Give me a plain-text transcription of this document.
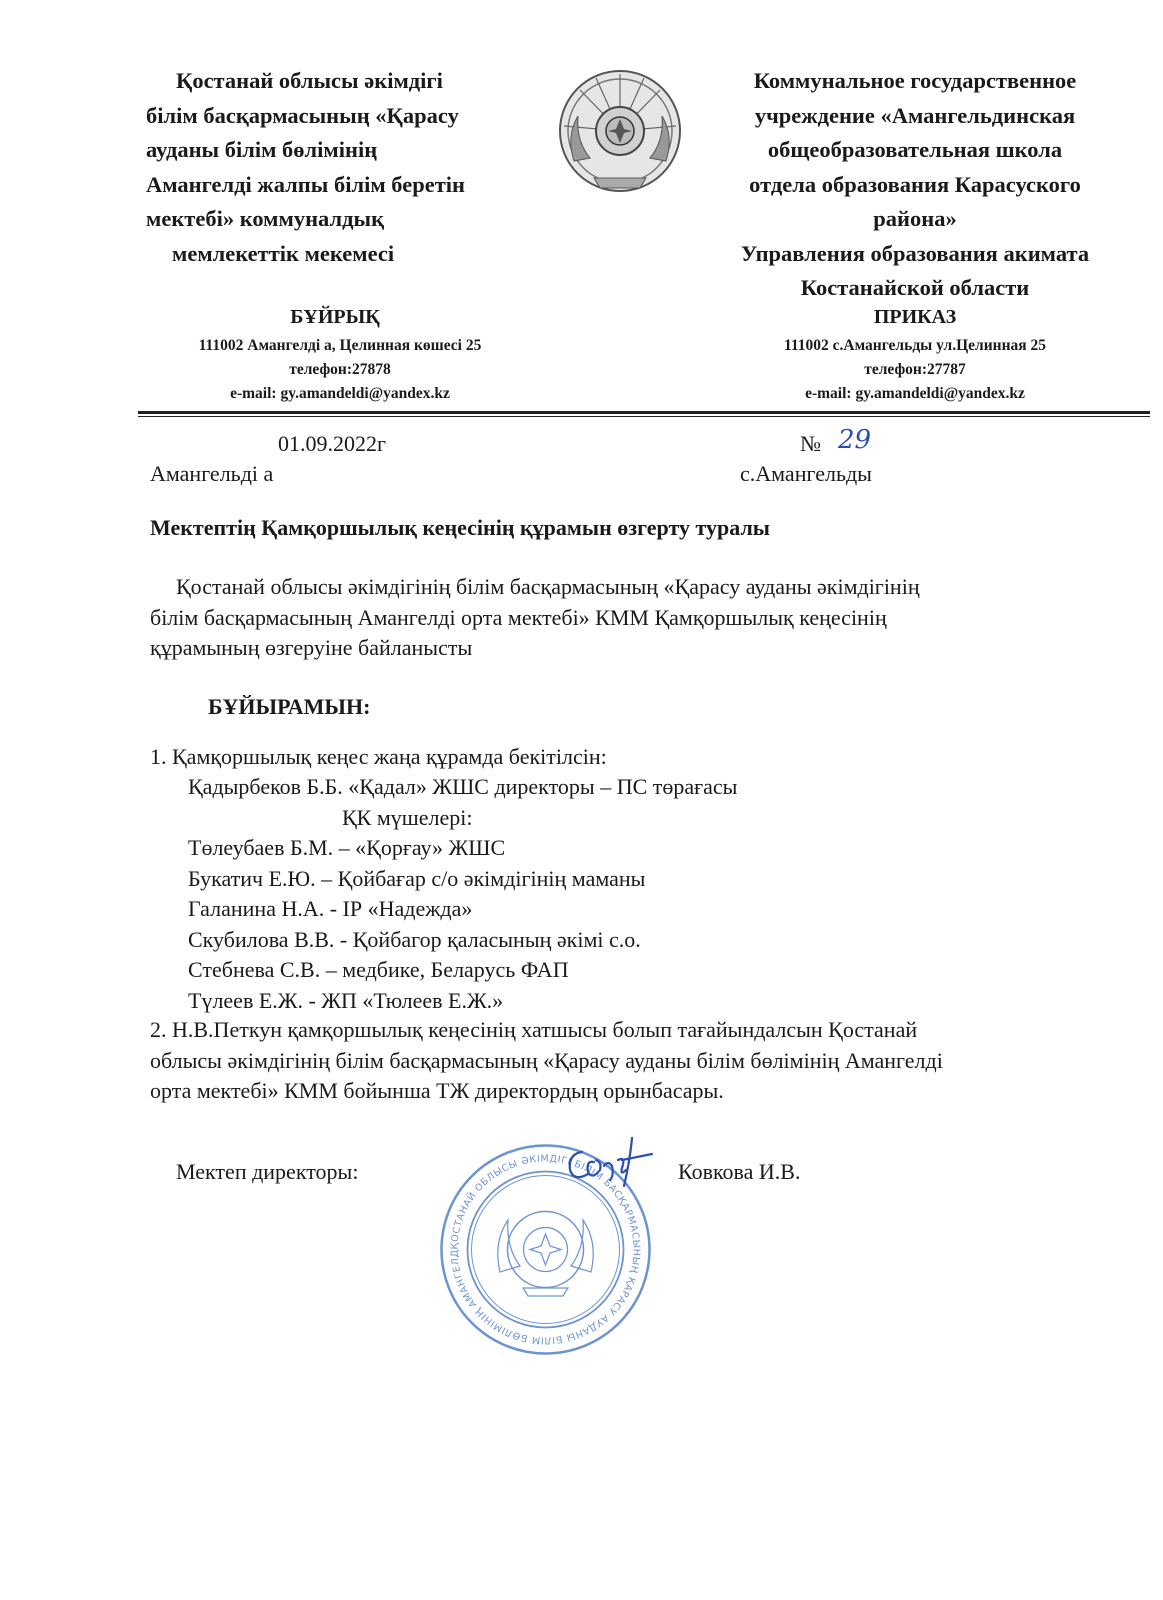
Қостанай облысы әкімдігі
білім басқармасының «Қарасу
ауданы білім бөлімінің
Амангелді жалпы білім беретін
мектебі» коммуналдық
мемлекеттік мекемесі
Коммунальное государственное
учреждение «Амангельдинская
общеобразовательная школа
отдела образования Карасуского
района»
Управления образования акимата
Костанайской области
БҰЙРЫҚ	ПРИКАЗ
111002 Амангелді а, Целинная көшесі 25
телефон:27878
e-mail: gy.amandeldi@yandex.kz
111002 с.Амангельды ул.Целинная 25
телефон:27787
e-mail: gy.amandeldi@yandex.kz
01.09.2022г
Амангельді а
№ 29
с.Амангельды
Мектептің Қамқоршылық кеңесінің құрамын өзгерту туралы
Қостанай облысы әкімдігінің білім басқармасының «Қарасу ауданы әкімдігінің
білім басқармасының Амангелді орта мектебі» КММ Қамқоршылық кеңесінің
құрамының өзгеруіне байланысты
БҰЙЫРАМЫН:
1. Қамқоршылық кеңес жаңа құрамда бекітілсін:
Қадырбеков Б.Б. «Қадал» ЖШС директоры – ПС төрағасы
ҚК мүшелері:
Төлеубаев Б.М. – «Қорғау» ЖШС
Букатич Е.Ю. – Қойбағар с/о әкімдігінің маманы
Галанина Н.А. - ІР «Надежда»
Скубилова В.В. - Қойбагор қаласының әкімі с.о.
Стебнева С.В. – медбике, Беларусь ФАП
Түлеев Е.Ж. - ЖП «Тюлеев Е.Ж.»
2. Н.В.Петкун қамқоршылық кеңесінің хатшысы болып тағайындалсын Қостанай
облысы әкімдігінің білім басқармасының «Қарасу ауданы білім бөлімінің Амангелді
орта мектебі» КММ бойынша ТЖ директордың орынбасары.
Мектеп директоры:	Ковкова И.В.
ҚОСТАНАЙ ОБЛЫСЫ ӘКІМДІГІ БІЛІМ БАСҚАРМАСЫНЫҢ ҚАРАСУ АУДАНЫ БІЛІМ БӨЛІМІНІҢ АМАНГЕЛД
